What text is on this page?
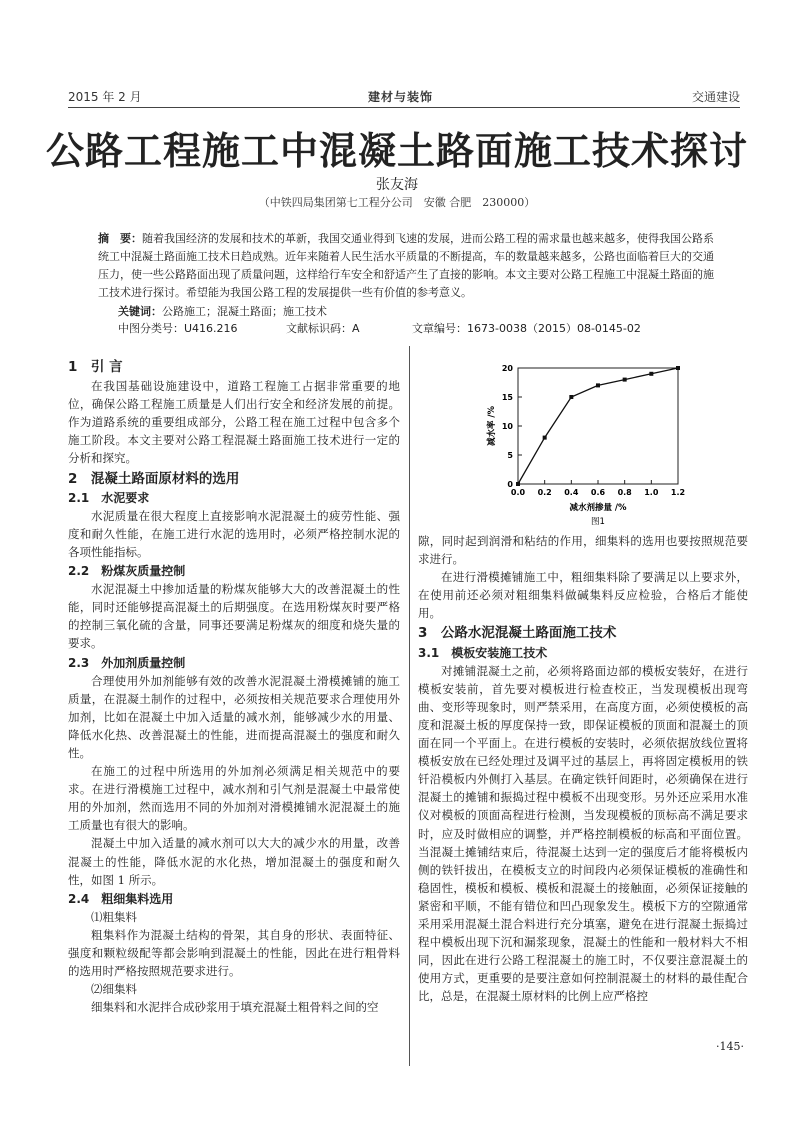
2015 年 2 月	建材与装饰	交通建设
公路工程施工中混凝土路面施工技术探讨
张友海
（中铁四局集团第七工程分公司　安徽 合肥　230000）
摘　要：随着我国经济的发展和技术的革新，我国交通业得到飞速的发展，进而公路工程的需求量也越来越多，使得我国公路系统工中混凝土路面施工技术日趋成熟。近年来随着人民生活水平质量的不断提高，车的数量越来越多，公路也面临着巨大的交通压力，使一些公路路面出现了质量问题，这样给行车安全和舒适产生了直接的影响。本文主要对公路工程施工中混凝土路面的施工技术进行探讨。希望能为我国公路工程的发展提供一些有价值的参考意义。
关键词：公路施工；混凝土路面；施工技术
中图分类号：U416.216	文献标识码：A	文章编号：1673-0038（2015）08-0145-02
1　引 言

在我国基础设施建设中，道路工程施工占据非常重要的地位，确保公路工程施工质量是人们出行安全和经济发展的前提。作为道路系统的重要组成部分，公路工程在施工过程中包含多个施工阶段。本文主要对公路工程混凝土路面施工技术进行一定的分析和探究。

2　混凝土路面原材料的选用
2.1　水泥要求

水泥质量在很大程度上直接影响水泥混凝土的疲劳性能、强度和耐久性能，在施工进行水泥的选用时，必须严格控制水泥的各项性能指标。

2.2　粉煤灰质量控制

水泥混凝土中掺加适量的粉煤灰能够大大的改善混凝土的性能，同时还能够提高混凝土的后期强度。在选用粉煤灰时要严格的控制三氧化硫的含量，同事还要满足粉煤灰的细度和烧失量的要求。

2.3　外加剂质量控制

合理使用外加剂能够有效的改善水泥混凝土滑模摊铺的施工质量，在混凝土制作的过程中，必须按相关规范要求合理使用外加剂，比如在混凝土中加入适量的减水剂，能够减少水的用量、降低水化热、改善混凝土的性能，进而提高混凝土的强度和耐久性。

在施工的过程中所选用的外加剂必须满足相关规范中的要求。在进行滑模施工过程中，减水剂和引气剂是混凝土中最常使用的外加剂，然而选用不同的外加剂对滑模摊铺水泥混凝土的施工质量也有很大的影响。

混凝土中加入适量的减水剂可以大大的减少水的用量，改善混凝土的性能，降低水泥的水化热，增加混凝土的强度和耐久性，如图 1 所示。

2.4　粗细集料选用

⑴粗集料

粗集料作为混凝土结构的骨架，其自身的形状、表面特征、强度和颗粒级配等都会影响到混凝土的性能，因此在进行粗骨料的选用时严格按照规范要求进行。

⑵细集料

细集料和水泥拌合成砂浆用于填充混凝土粗骨料之间的空

0
5
10
15
20
0.0 0.2 0.4 0.6 0.8 1.0 1.2
减水剂掺量 /%
减水率 /%
图1

隙，同时起到润滑和粘结的作用，细集料的选用也要按照规范要求进行。

在进行滑模摊铺施工中，粗细集料除了要满足以上要求外，在使用前还必须对粗细集料做碱集料反应检验，合格后才能使用。

3　公路水泥混凝土路面施工技术
3.1　模板安装施工技术

对摊铺混凝土之前，必须将路面边部的模板安装好，在进行模板安装前，首先要对模板进行检查校正，当发现模板出现弯曲、变形等现象时，则严禁采用，在高度方面，必须使模板的高度和混凝土板的厚度保持一致，即保证模板的顶面和混凝土的顶面在同一个平面上。在进行模板的安装时，必须依据放线位置将模板安放在已经处理过及调平过的基层上，再将固定模板用的铁钎沿模板内外侧打入基层。在确定铁钎间距时，必须确保在进行混凝土的摊铺和振捣过程中模板不出现变形。另外还应采用水准仪对模板的顶面高程进行检测，当发现模板的顶标高不满足要求时，应及时做相应的调整，并严格控制模板的标高和平面位置。当混凝土摊铺结束后，待混凝土达到一定的强度后才能将模板内侧的铁钎拔出，在模板支立的时间段内必须保证模板的准确性和稳固性，模板和模板、模板和混凝土的接触面，必须保证接触的紧密和平顺，不能有错位和凹凸现象发生。模板下方的空隙通常采用采用混凝土混合料进行充分填塞，避免在进行混凝土振捣过程中模板出现下沉和漏浆现象，混凝土的性能和一般材料大不相同，因此在进行公路工程混凝土的施工时，不仅要注意混凝土的使用方式，更重要的是要注意如何控制混凝土的材料的最佳配合比，总是，在混凝土原材料的比例上应严格控

·145·
